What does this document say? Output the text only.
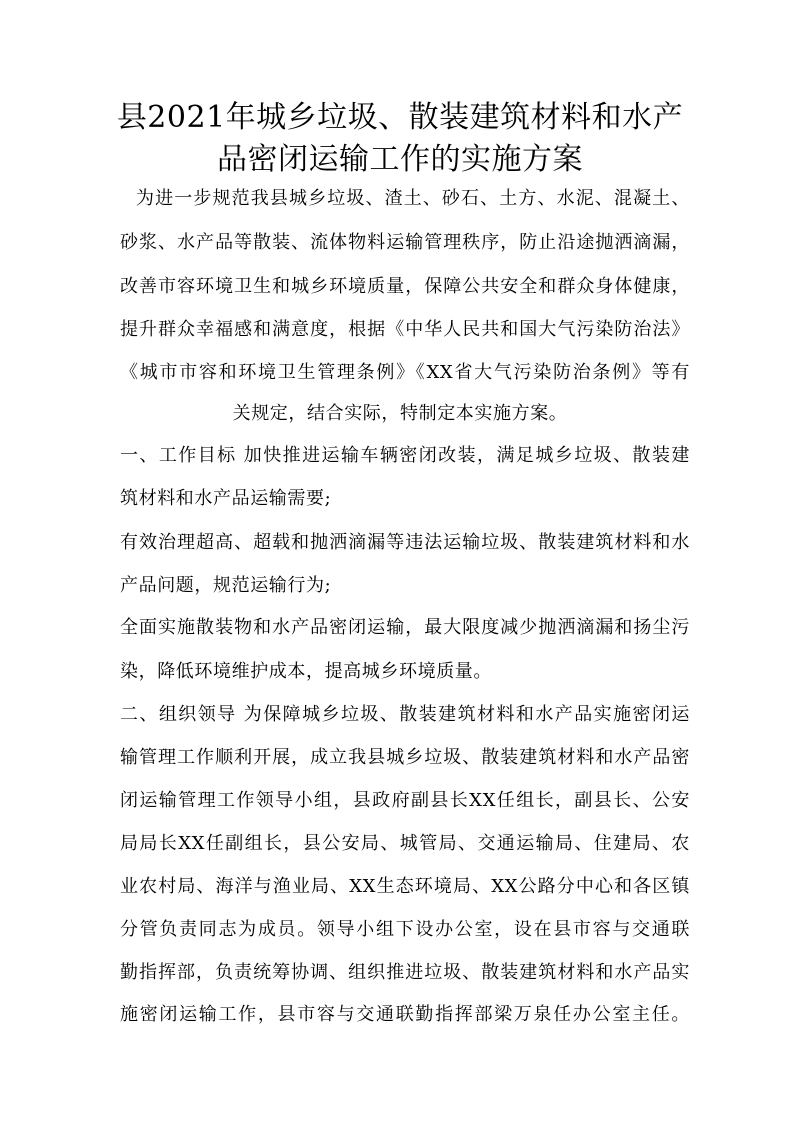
县2021年城乡垃圾、散装建筑材料和水产
品密闭运输工作的实施方案
为进一步规范我县城乡垃圾、渣土、砂石、土方、水泥、混凝土、
砂浆、水产品等散装、流体物料运输管理秩序，防止沿途抛洒滴漏，
改善市容环境卫生和城乡环境质量，保障公共安全和群众身体健康，
提升群众幸福感和满意度，根据《中华人民共和国大气污染防治法》
《城市市容和环境卫生管理条例》《XX省大气污染防治条例》等有
关规定，结合实际，特制定本实施方案。
一、工作目标 加快推进运输车辆密闭改装，满足城乡垃圾、散装建
筑材料和水产品运输需要;
有效治理超高、超载和抛洒滴漏等违法运输垃圾、散装建筑材料和水
产品问题，规范运输行为;
全面实施散装物和水产品密闭运输，最大限度减少抛洒滴漏和扬尘污
染，降低环境维护成本，提高城乡环境质量。
二、组织领导 为保障城乡垃圾、散装建筑材料和水产品实施密闭运
输管理工作顺利开展，成立我县城乡垃圾、散装建筑材料和水产品密
闭运输管理工作领导小组，县政府副县长XX任组长，副县长、公安
局局长XX任副组长，县公安局、城管局、交通运输局、住建局、农
业农村局、海洋与渔业局、XX生态环境局、XX公路分中心和各区镇
分管负责同志为成员。领导小组下设办公室，设在县市容与交通联
勤指挥部，负责统筹协调、组织推进垃圾、散装建筑材料和水产品实
施密闭运输工作，县市容与交通联勤指挥部梁万泉任办公室主任。
